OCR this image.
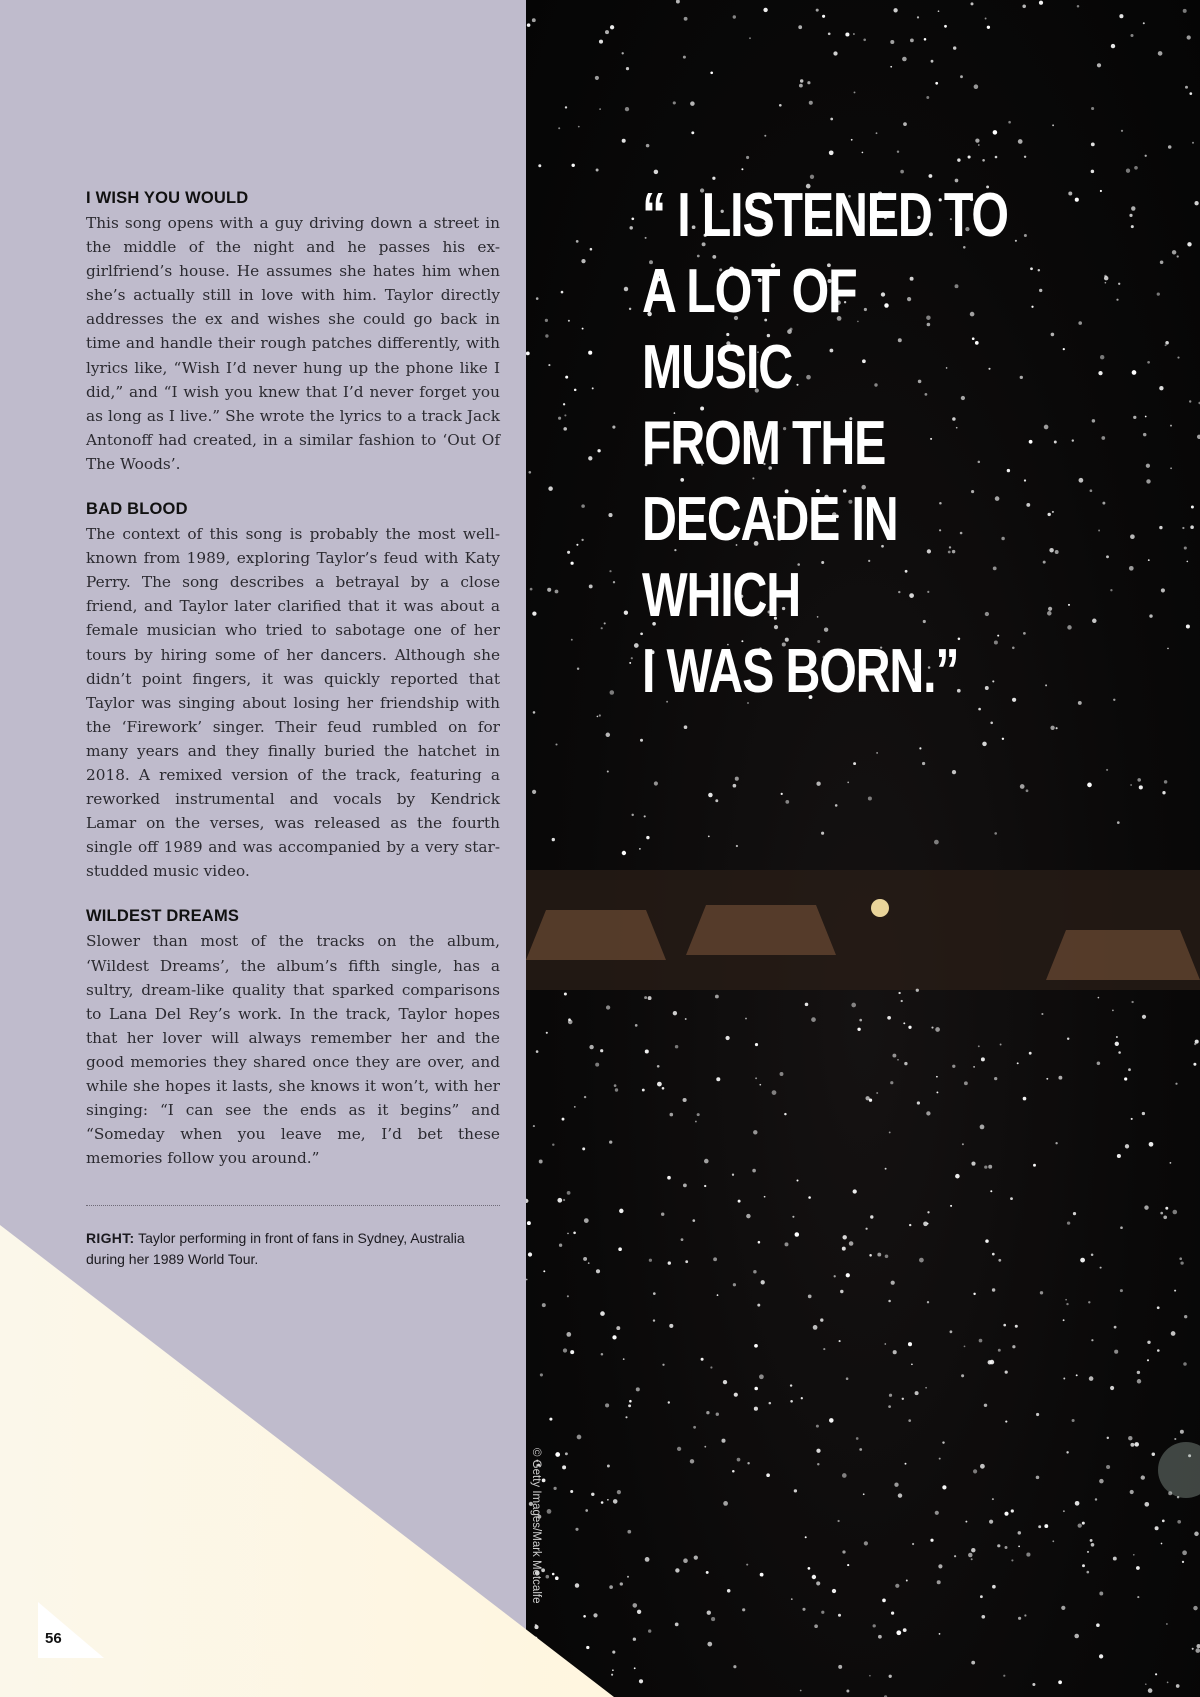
I WISH YOU WOULD

This song opens with a guy driving down a street in the middle of the night and he passes his ex-girlfriend’s house. He assumes she hates him when she’s actually still in love with him. Taylor directly addresses the ex and wishes she could go back in time and handle their rough patches differently, with lyrics like, “Wish I’d never hung up the phone like I did,” and “I wish you knew that I’d never forget you as long as I live.” She wrote the lyrics to a track Jack Antonoff had created, in a similar fashion to ‘Out Of The Woods’.

BAD BLOOD

The context of this song is probably the most well-known from 1989, exploring Taylor’s feud with Katy Perry. The song describes a betrayal by a close friend, and Taylor later clarified that it was about a female musician who tried to sabotage one of her tours by hiring some of her dancers. Although she didn’t point fingers, it was quickly reported that Taylor was singing about losing her friendship with the ‘Firework’ singer. Their feud rumbled on for many years and they finally buried the hatchet in 2018. A remixed version of the track, featuring a reworked instrumental and vocals by Kendrick Lamar on the verses, was released as the fourth single off 1989 and was accompanied by a very star-studded music video.

WILDEST DREAMS

Slower than most of the tracks on the album, ‘Wildest Dreams’, the album’s fifth single, has a sultry, dream-like quality that sparked comparisons to Lana Del Rey’s work. In the track, Taylor hopes that her lover will always remember her and the good memories they shared once they are over, and while she hopes it lasts, she knows it won’t, with her singing: “I can see the ends as it begins” and “Someday when you leave me, I’d bet these memories follow you around.”

RIGHT: Taylor performing in front of fans in Sydney, Australia during her 1989 World Tour.
“ I LISTENED TO
A LOT OF MUSIC
FROM THE
DECADE IN WHICH
I WAS BORN.”
© Getty Images/Mark Metcalfe
56
